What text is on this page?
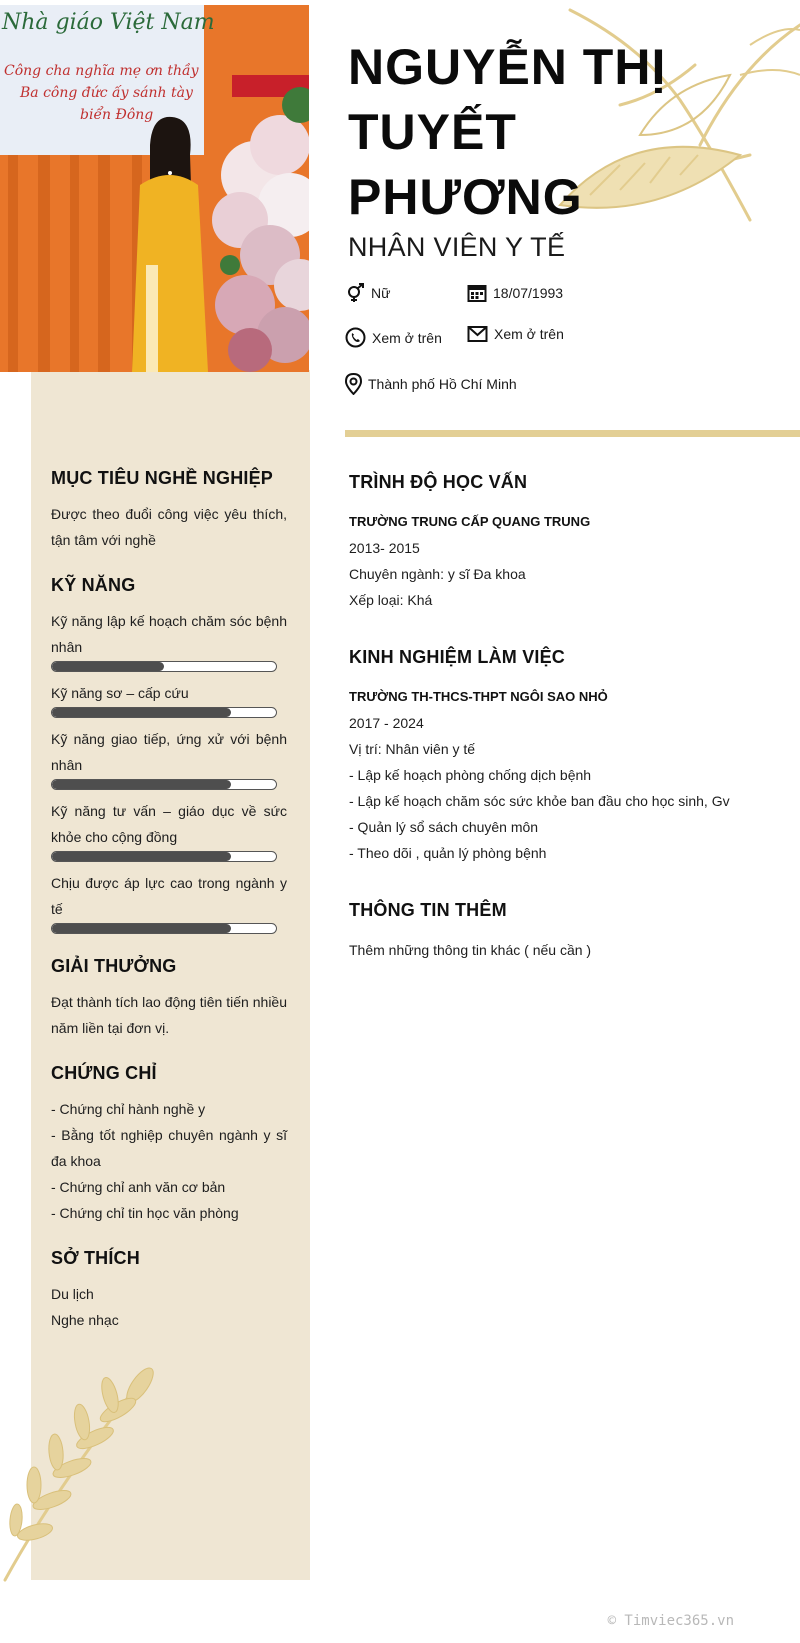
Nhà giáo Việt Nam
Công cha nghĩa mẹ ơn thầy
Ba công đức ấy sánh tày
biển Đông
MỤC TIÊU NGHỀ NGHIỆP

Được theo đuổi công việc yêu thích, tận tâm với nghề

KỸ NĂNG
Kỹ năng lập kế hoạch chăm sóc bệnh nhân
Kỹ năng sơ – cấp cứu
Kỹ năng giao tiếp, ứng xử với bệnh nhân
Kỹ năng tư vấn – giáo dục về sức khỏe cho cộng đồng
Chịu được áp lực cao trong ngành y tế
GIẢI THƯỞNG

Đạt thành tích lao động tiên tiến nhiều năm liền tại đơn vị.

CHỨNG CHỈ

- Chứng chỉ hành nghề y

- Bằng tốt nghiệp chuyên ngành y sĩ đa khoa

- Chứng chỉ anh văn cơ bản

- Chứng chỉ tin học văn phòng

SỞ THÍCH

Du lịch

Nghe nhạc

NGUYỄN THỊ
TUYẾT
PHƯƠNG
NHÂN VIÊN Y TẾ
Nữ	18/07/1993
Xem ở trên	Xem ở trên
Thành phố Hồ Chí Minh
TRÌNH ĐỘ HỌC VẤN
TRƯỜNG TRUNG CẤP QUANG TRUNG
2013- 2015
Chuyên ngành: y sĩ Đa khoa
Xếp loại: Khá
KINH NGHIỆM LÀM VIỆC
TRƯỜNG TH-THCS-THPT NGÔI SAO NHỎ
2017 - 2024
Vị trí: Nhân viên y tế
- Lập kế hoạch phòng chống dịch bệnh
- Lập kế hoạch chăm sóc sức khỏe ban đầu cho học sinh, Gv
- Quản lý sổ sách chuyên môn
- Theo dõi , quản lý phòng bệnh
THÔNG TIN THÊM
Thêm những thông tin khác ( nếu cần )
© Timviec365.vn
